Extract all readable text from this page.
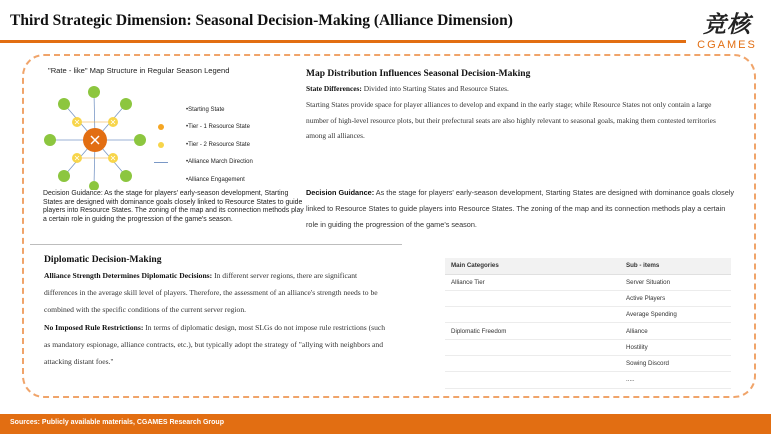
Third Strategic Dimension: Seasonal Decision-Making (Alliance Dimension)	竞核
CGAMES
"Rate - like" Map Structure in Regular Season Legend
•Starting State
•Tier - 1 Resource State
•Tier - 2 Resource State
•Alliance March Direction
•Alliance Engagement
Decision Guidance: As the stage for players' early-season development, Starting States are designed with dominance goals closely linked to Resource States to guide players into Resource States. The zoning of the map and its connection methods play a certain role in guiding the progression of the game's season.
Map Distribution Influences Seasonal Decision-Making
State Differences: Divided into Starting States and Resource States.
Starting States provide space for player alliances to develop and expand in the early stage; while Resource States not only contain a large number of high-level resource plots, but their prefectural seats are also highly relevant to seasonal goals, making them contested territories among all alliances.
Decision Guidance: As the stage for players' early-season development, Starting States are designed with dominance goals closely linked to Resource States to guide players into Resource States. The zoning of the map and its connection methods play a certain role in guiding the progression of the game's season.
Diplomatic Decision-Making
Alliance Strength Determines Diplomatic Decisions: In different server regions, there are significant differences in the average skill level of players. Therefore, the assessment of an alliance's strength needs to be combined with the specific conditions of the current server region.
No Imposed Rule Restrictions: In terms of diplomatic design, most SLGs do not impose rule restrictions (such as mandatory espionage, alliance contracts, etc.), but typically adopt the strategy of "allying with neighbors and attacking distant foes."
Main Categories	Sub - items
Alliance Tier	Server Situation
	Active Players
	Average Spending
Diplomatic Freedom	Alliance
	Hostility
	Sowing Discord
	.....
Sources: Publicly available materials, CGAMES Research Group
